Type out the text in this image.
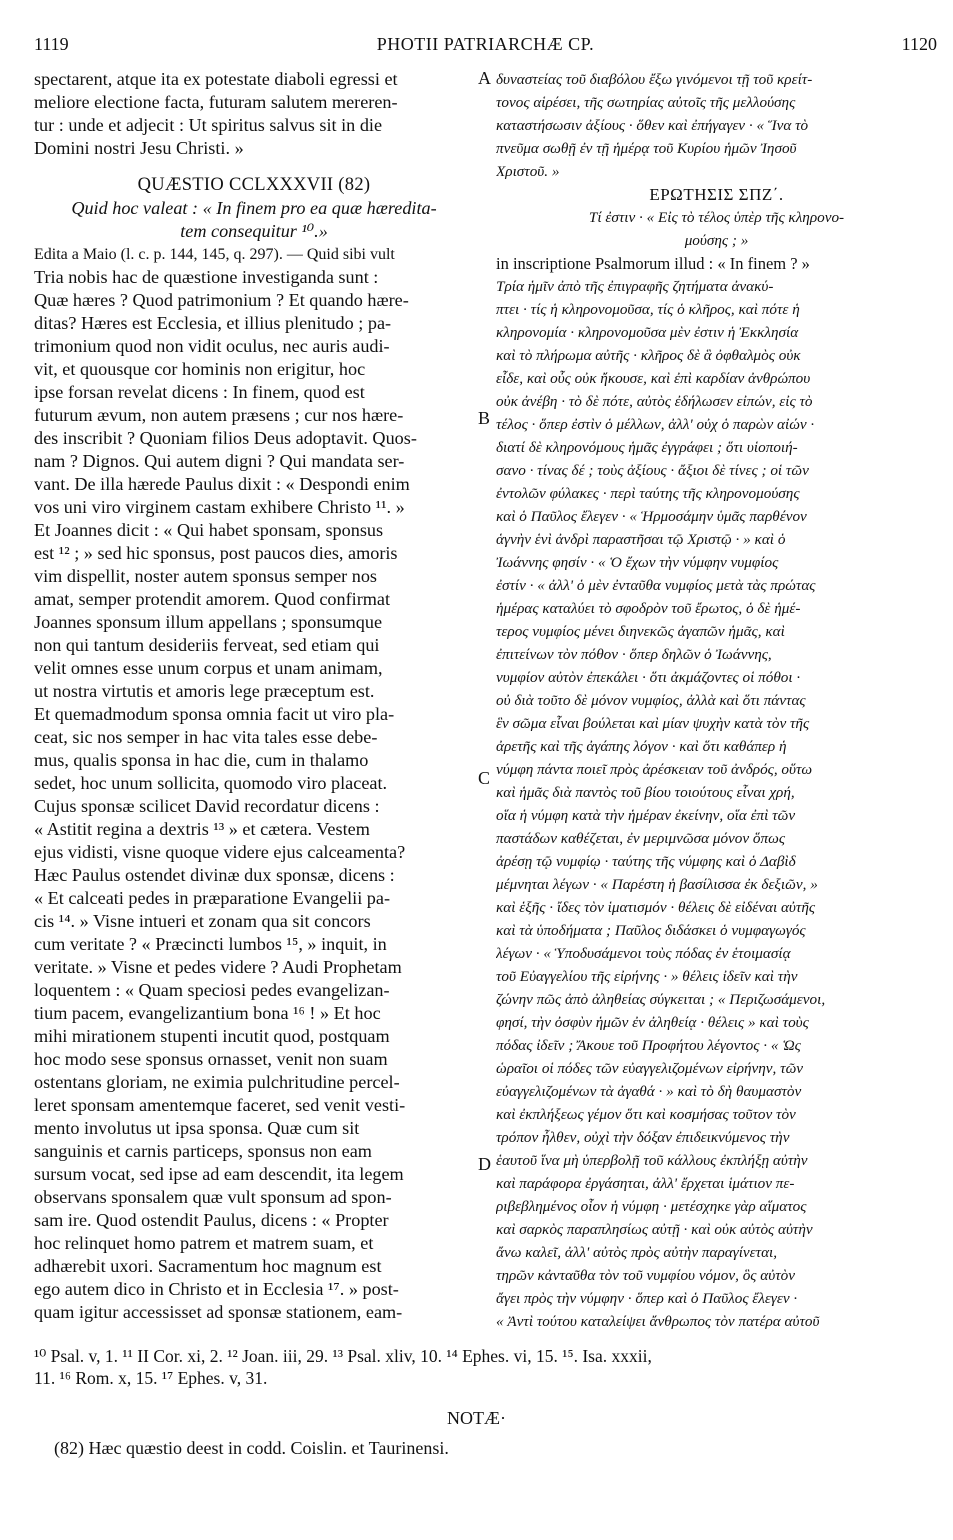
1119	PHOTII PATRIARCHÆ CP.	1120
spectarent, atque ita ex potestate diaboli egressi et
meliore electione facta, futuram salutem mereren-
tur : unde et adjecit : Ut spiritus salvus sit in die
Domini nostri Jesu Christi. »
QUÆSTIO CCLXXXVII (82)
Quid hoc valeat : « In finem pro ea quæ hæredita-
tem consequitur ¹⁰.»
Edita a Maio (l. c. p. 144, 145, q. 297). — Quid sibi vult
Tria nobis hac de quæstione investiganda sunt :
Quæ hæres ? Quod patrimonium ? Et quando hære-
ditas? Hæres est Ecclesia, et illius plenitudo ; pa-
trimonium quod non vidit oculus, nec auris audi-
vit, et quousque cor hominis non erigitur, hoc
ipse forsan revelat dicens : In finem, quod est
futurum ævum, non autem præsens ; cur nos hære-
des inscribit ? Quoniam filios Deus adoptavit. Quos-
nam ? Dignos. Qui autem digni ? Qui mandata ser-
vant. De illa hærede Paulus dixit : « Despondi enim
vos uni viro virginem castam exhibere Christo ¹¹. »
Et Joannes dicit : « Qui habet sponsam, sponsus
est ¹² ; » sed hic sponsus, post paucos dies, amoris
vim dispellit, noster autem sponsus semper nos
amat, semper protendit amorem. Quod confirmat
Joannes sponsum illum appellans ; sponsumque
non qui tantum desideriis ferveat, sed etiam qui
velit omnes esse unum corpus et unam animam,
ut nostra virtutis et amoris lege præceptum est.
Et quemadmodum sponsa omnia facit ut viro pla-
ceat, sic nos semper in hac vita tales esse debe-
mus, qualis sponsa in hac die, cum in thalamo
sedet, hoc unum sollicita, quomodo viro placeat.
Cujus sponsæ scilicet David recordatur dicens :
« Astitit regina a dextris ¹³ » et cætera. Vestem
ejus vidisti, visne quoque videre ejus calceamenta?
Hæc Paulus ostendet divinæ dux sponsæ, dicens :
« Et calceati pedes in præparatione Evangelii pa-
cis ¹⁴. » Visne intueri et zonam qua sit concors
cum veritate ? « Præcincti lumbos ¹⁵, » inquit, in
veritate. » Visne et pedes videre ? Audi Prophetam
loquentem : « Quam speciosi pedes evangelizan-
tium pacem, evangelizantium bona ¹⁶ ! » Et hoc
mihi mirationem stupenti incutit quod, postquam
hoc modo sese sponsus ornasset, venit non suam
ostentans gloriam, ne eximia pulchritudine percel-
leret sponsam amentemque faceret, sed venit vesti-
mento involutus ut ipsa sponsa. Quæ cum sit
sanguinis et carnis particeps, sponsus non eam
sursum vocat, sed ipse ad eam descendit, ita legem
observans sponsalem quæ vult sponsum ad spon-
sam ire. Quod ostendit Paulus, dicens : « Propter
hoc relinquet homo patrem et matrem suam, et
adhærebit uxori. Sacramentum hoc magnum est
ego autem dico in Christo et in Ecclesia ¹⁷. » post-
quam igitur accessisset ad sponsæ stationem, eam-
δυναστείας τοῦ διαβόλου ἔξω γινόμενοι τῇ τοῦ κρείτ-
τονος αἱρέσει, τῆς σωτηρίας αὐτοῖς τῆς μελλούσης
καταστήσωσιν ἀξίους · ὅθεν καὶ ἐπήγαγεν · « Ἵνα τὸ
πνεῦμα σωθῇ ἐν τῇ ἡμέρᾳ τοῦ Κυρίου ἡμῶν Ἰησοῦ
Χριστοῦ. »
ΕΡΩΤΗΣΙΣ ΣΠΖ΄.
Τί ἐστιν · « Εἰς τὸ τέλος ὑπὲρ τῆς κληρονο-
μούσης ; »
in inscriptione Psalmorum illud : « In finem ? »
Τρία ἡμῖν ἀπὸ τῆς ἐπιγραφῆς ζητήματα ἀνακύ-
πτει · τίς ἡ κληρονομοῦσα, τίς ὁ κλῆρος, καὶ πότε ἡ
κληρονομία · κληρονομοῦσα μὲν ἐστιν ἡ Ἐκκλησία
καὶ τὸ πλήρωμα αὐτῆς · κλῆρος δὲ ἃ ὀφθαλμὸς οὐκ
εἶδε, καὶ οὖς οὐκ ἤκουσε, καὶ ἐπὶ καρδίαν ἀνθρώπου
οὐκ ἀνέβη · τὸ δὲ πότε, αὐτὸς ἐδήλωσεν εἰπών, εἰς τὸ
τέλος · ὅπερ ἐστὶν ὁ μέλλων, ἀλλ' οὐχ ὁ παρὼν αἰών ·
διατί δὲ κληρονόμους ἡμᾶς ἐγγράφει ; ὅτι υἱοποιή-
σανο · τίνας δέ ; τοὺς ἀξίους · ἄξιοι δὲ τίνες ; οἱ τῶν
ἐντολῶν φύλακες · περὶ ταύτης τῆς κληρονομούσης
καὶ ὁ Παῦλος ἔλεγεν · « Ἡρμοσάμην ὑμᾶς παρθένον
ἁγνὴν ἑνὶ ἀνδρὶ παραστῆσαι τῷ Χριστῷ · » καὶ ὁ
Ἰωάννης φησίν · « Ὁ ἔχων τὴν νύμφην νυμφίος
ἐστίν · « ἀλλ' ὁ μὲν ἐνταῦθα νυμφίος μετὰ τὰς πρώτας
ἡμέρας καταλύει τὸ σφοδρὸν τοῦ ἔρωτος, ὁ δὲ ἡμέ-
τερος νυμφίος μένει διηνεκῶς ἀγαπῶν ἡμᾶς, καὶ
ἐπιτείνων τὸν πόθον · ὅπερ δηλῶν ὁ Ἰωάννης,
νυμφίον αὐτὸν ἐπεκάλει · ὅτι ἀκμάζοντες οἱ πόθοι ·
οὐ διὰ τοῦτο δὲ μόνον νυμφίος, ἀλλὰ καὶ ὅτι πάντας
ἓν σῶμα εἶναι βούλεται καὶ μίαν ψυχὴν κατὰ τὸν τῆς
ἀρετῆς καὶ τῆς ἀγάπης λόγον · καὶ ὅτι καθάπερ ἡ
νύμφη πάντα ποιεῖ πρὸς ἀρέσκειαν τοῦ ἀνδρός, οὕτω
καὶ ἡμᾶς διὰ παντὸς τοῦ βίου τοιούτους εἶναι χρή,
οἵα ἡ νύμφη κατὰ τὴν ἡμέραν ἐκείνην, οἵα ἐπὶ τῶν
παστάδων καθέζεται, ἐν μεριμνῶσα μόνον ὅπως
ἀρέσῃ τῷ νυμφίῳ · ταύτης τῆς νύμφης καὶ ὁ Δαβὶδ
μέμνηται λέγων · « Παρέστη ἡ βασίλισσα ἐκ δεξιῶν, »
καὶ ἑξῆς · ἴδες τὸν ἱματισμόν · θέλεις δὲ εἰδέναι αὐτῆς
καὶ τὰ ὑποδήματα ; Παῦλος διδάσκει ὁ νυμφαγωγός
λέγων · « Ὑποδυσάμενοι τοὺς πόδας ἐν ἑτοιμασίᾳ
τοῦ Εὐαγγελίου τῆς εἰρήνης · » θέλεις ἰδεῖν καὶ τὴν
ζώνην πῶς ἀπὸ ἀληθείας σύγκειται ; « Περιζωσάμενοι,
φησί, τὴν ὀσφὺν ἡμῶν ἐν ἀληθείᾳ · θέλεις » καὶ τοὺς
πόδας ἰδεῖν ; Ἄκουε τοῦ Προφήτου λέγοντος · « Ὡς
ὡραῖοι οἱ πόδες τῶν εὐαγγελιζομένων εἰρήνην, τῶν
εὐαγγελιζομένων τὰ ἀγαθά · » καὶ τὸ δὴ θαυμαστὸν
καὶ ἐκπλήξεως γέμον ὅτι καὶ κοσμήσας τοῦτον τὸν
τρόπον ἦλθεν, οὐχὶ τὴν δόξαν ἐπιδεικνύμενος τὴν
ἑαυτοῦ ἵνα μὴ ὑπερβολῇ τοῦ κάλλους ἐκπλήξῃ αὐτὴν
καὶ παράφορα ἐργάσηται, ἀλλ' ἔρχεται ἱμάτιον πε-
ριβεβλημένος οἷον ἡ νύμφη · μετέσχηκε γὰρ αἵματος
καὶ σαρκὸς παραπλησίως αὐτῇ · καὶ οὐκ αὐτὸς αὐτὴν
ἄνω καλεῖ, ἀλλ' αὐτὸς πρὸς αὐτὴν παραγίνεται,
τηρῶν κἀνταῦθα τὸν τοῦ νυμφίου νόμον, ὃς αὐτὸν
ἄγει πρὸς τὴν νύμφην · ὅπερ καὶ ὁ Παῦλος ἔλεγεν ·
« Ἀντὶ τούτου καταλείψει ἄνθρωπος τὸν πατέρα αὐτοῦ
A
B
C
D
¹⁰ Psal. v, 1. ¹¹ II Cor. xi, 2. ¹² Joan. iii, 29. ¹³ Psal. xliv, 10. ¹⁴ Ephes. vi, 15. ¹⁵. Isa. xxxii,
11. ¹⁶ Rom. x, 15. ¹⁷ Ephes. v, 31.
NOTÆ·
(82) Hæc quæstio deest in codd. Coislin. et Taurinensi.
